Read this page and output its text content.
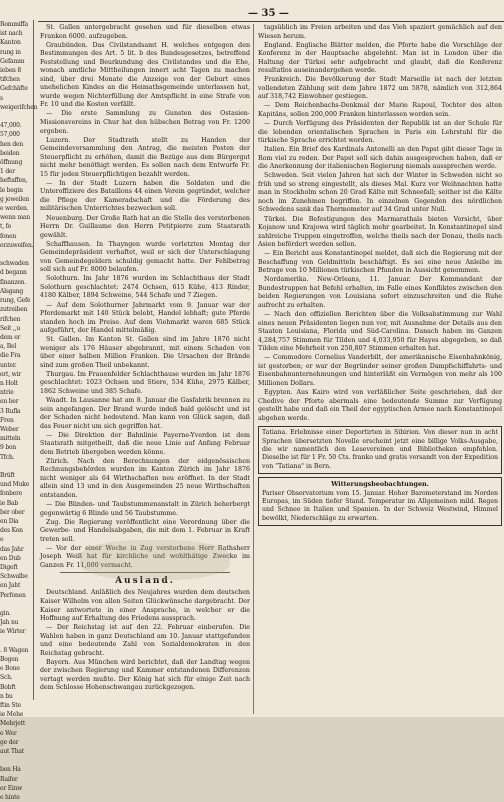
Rommiffa
ist nach
Kanton
rung in
Gefamm
ieben 8
tifchen
Gefchäfte
s
weigerifchen

47,000.
57,000
hen den
beiden
öffnung
1 der
heftaffen,
le begin
g jeweilen
e werden.
wenn man
t, fo
fonen
erzuweifen.

schwaden
d begann
finanzen.
Alsgang
rung, Gefe
zutreiben
rifchen
Seit ,,u
dem er
a, Bel
die Fra
unter.
ert, wir
n Holt
ntrie
en ber
3 Rufla
Fren
Weber
mitteln
9 bon
Tfch.

Brüft
und Muke
fonbere
ie Bab
ber ober
en Dia
des Kon
e
das Jahr
en Dub
Digeft
Schwalbe
en Jaht
Perfonen

gin.
Jah nu
ie Wirter

. 8 Wagen
Bogen
e Bone
Sch.
Bobft
n bu
ftin Ste
ie Mehe
Mehrjett
e Wer
ge der
aut That

ben Ha
Raifer
er Einw
e hinte
— 35 —
St. Gallen untergebracht gesehen und für dieselben etwas Franken 6000. aufzugeben.
Graubünden. Das Civilstandsamt H. welches entgegen den Bestimmungen des Art. 5 lit. b des Bundesgesetzes, betreffend Feststellung und Beurkundung des Civilstandes und die Ehe, wonach amtliche Mittheilungen innert acht Tagen zu machen sind, über drei Monate die Anzeige von der Geburt eines unehelichen Kindes an die Heimathsgemeinde unterlassen hat, wurde wegen Nichterfüllung der Amtspflicht in eine Strafe von Fr. 10 und die Kosten verfällt.
— Die erste Sammlung zu Gunsten des Ostasien-Missionsvereins in Chur hat den hübschen Betrag von Fr. 1200 ergeben.
Luzern. Der Stadtrath stellt zu Handen der Gemeindeversammlung den Antrag, die meisten Posten der Steuerpflicht zu erhöhen, damit die Bezüge aus dem Bürgergut nicht mehr benöthigt werden. Es sollen nach dem Entwurfe Fr. 15 für jeden Steuerpflichtigen bezahlt werden.
— In der Stadt Luzern haben die Soldaten und die Unteroffiziere des Bataillons 44 einen Verein gegründet, welcher die Pflege der Kameradschaft und die Förderung des militärischen Unterrichtes bezwecken soll.
Neuenburg. Der Große Rath hat an die Stelle des verstorbenen Herrn Dr. Guillaume den Herrn Petitpierre zum Staatsrath gewählt.
Schaffhausen. In Thayngen wurde vorletzten Montag der Gemeindepräsident verhaftet, weil er sich der Unterschlagung von Gemeindegeldern schuldig gemacht hatte. Der Fehlbetrag soll sich auf Fr. 8000 belaufen.
Solothurn. Im Jahr 1876 wurden im Schlachthaus der Stadt Solothurn geschlachtet: 2474 Ochsen, 615 Kühe, 413 Rinder, 4180 Kälber, 1894 Schweine, 544 Schafe und 7 Ziegen.
— Auf dem Solothurner Jahrmarkt vom 9. Januar war der Pferdemarkt mit 140 Stück belebt, Handel lebhaft; gute Pferde standen hoch im Preise. Auf dem Viehmarkt waren 685 Stück aufgeführt, der Handel mittelmäßig.
St. Gallen. Im Kanton St. Gallen sind im Jahre 1876 nicht weniger als 176 Häuser abgebrannt, mit einem Schaden von über einer halben Million Franken. Die Ursachen der Brände sind zum großen Theil unbekannt.
Thurgau. Im Frauenfelder Schlachthause wurden im Jahr 1876 geschlachtet: 1023 Ochsen und Stiere, 534 Kühe, 2975 Kälber, 1862 Schweine und 385 Schafe.
Waadt. In Lausanne hat am 8. Januar die Gasfabrik brennen zu sein angefangen. Der Brand wurde indeß bald gelöscht und ist der Schaden nicht bedeutend. Man kann von Glück sagen, daß das Feuer nicht um sich gegriffen hat.
— Die Direktion der Bahnlinie Payerne-Yverdon ist dem Staatsrath mitgetheilt, daß die neue Linie auf Anfang Februar dem Betrieb übergeben werden könne.
Zürich. Nach den Berechnungen der eidgenössischen Rechnungsbehörden wurden im Kanton Zürich im Jahr 1876 nicht weniger als 64 Wirthschaften neu eröffnet. In der Stadt allein sind 13 und in den Ausgemeinden 25 neue Wirthschaften entstanden.
— Die Blinden- und Taubstummenanstalt in Zürich beherbergt gegenwärtig 6 Blinde und 56 Taubstumme.
Zug. Die Regierung veröffentlicht eine Verordnung über die Gewerbe- und Handelsabgaben, die mit dem 1. Februar in Kraft treten soll.
— Vor der einer Woche in Zug verstorbene Herr Rathsherr Joseph Weiß hat für kirchliche und wohlthätige Zwecke im Ganzen Fr. 11,000 vermacht.
Ausland.
Deutschland. Anläßlich des Neujahres wurden dem deutschen Kaiser Wilhelm von allen Seiten Glückwünsche dargebracht. Der Kaiser antwortete in einer Ansprache, in welcher er die Hoffnung auf Erhaltung des Friedens aussprach.
— Der Reichstag ist auf den 22. Februar einberufen. Die Wahlen haben in ganz Deutschland am 10. Januar stattgefunden und eine bedeutende Zahl von Sozialdemokraten in den Reichstag gebracht.
Bayern. Aus München wird berichtet, daß der Landtag wegen der zwischen Regierung und Kammer entstandenen Differenzen vertagt werden mußte. Der König hat sich für einige Zeit nach dem Schlosse Hohenschwangau zurückgezogen.
tagsüblich im Freien arbeiten und das Vieh spaziert gemächlich auf den Wiesen herum.
England. Englische Blätter melden, die Pforte habe die Vorschläge der Konferenz in der Hauptsache abgelehnt. Man ist in London über die Haltung der Türkei sehr aufgebracht und glaubt, daß die Konferenz resultatlos auseinandergehen werde.
Frankreich. Die Bevölkerung der Stadt Marseille ist nach der letzten vollendeten Zählung seit dem Jahre 1872 um 5878, nämlich von 312,864 auf 318,742 Einwohner gestiegen.
— Dem Reichenbachs-Denkmal der Marie Rapoul, Tochter des alten Kapitäns, sollen 200,000 Franken hinterlassen worden sein.
— Durch Verfügung des Präsidenten der Republik ist an der Schule für die lebenden orientalischen Sprachen in Paris ein Lehrstuhl für die türkische Sprache errichtet worden.
Italien. Ein Brief des Kardinals Antonelli an den Papst gibt dieser Tage in Rom viel zu reden. Der Papst soll sich dahin ausgesprochen haben, daß er die Anerkennung der italienischen Regierung niemals aussprechen werde.
Schweden. Seit vielen Jahren hat sich der Winter in Schweden nicht so früh und so streng eingestellt, als dieses Mal. Kurz vor Weihnachten hatte man in Stockholm schon 20 Grad Kälte mit Schneefall; seither ist die Kälte noch im Zunehmen begriffen. In einzelnen Gegenden des nördlichen Schwedens sank das Thermometer auf 34 Grad unter Null.
Türkei. Die Befestigungen des Marmarathals bieten Vorsicht, über Kojanow und Krajowa wird täglich mehr gearbeitet. In Konstantinopel sind zahlreiche Truppen eingetroffen, welche theils nach der Donau, theils nach Asien befördert werden sollen.
— Ein Bericht aus Konstantinopel meldet, daß sich die Regierung mit der Beschaffung von Geldmitteln beschäftigt. Es sei eine neue Anleihe im Betrage von 10 Millionen türkischen Pfunden in Aussicht genommen.
Nordamerika. New-Orleans, 11. Januar. Der Kommandant der Bundestruppen hat Befehl erhalten, im Falle eines Konfliktes zwischen den beiden Regierungen von Louisiana sofort einzuschreiten und die Ruhe aufrecht zu erhalten.
— Nach den offiziellen Berichten über die Volksabstimmung zur Wahl eines neuen Präsidenten liegen nun vor, mit Ausnahme der Details aus den Staaten Louisiana, Florida und Süd-Carolina. Danach haben im Ganzen 4,284,757 Stimmen für Tilden und 4,033,950 für Hayes abgegeben, so daß Tilden eine Mehrheit von 250,807 Stimmen erhalten hat.
— Commodore Cornelius Vanderbilt, der amerikanische Eisenbahnkönig, ist gestorben; er war der Begründer seiner großen Dampfschiffahrts- und Eisenbahnunternehmungen und hinterläßt ein Vermögen von mehr als 100 Millionen Dollars.
Egypten. Aus Kairo wird von verläßlicher Seite geschrieben, daß der Chedive der Pforte abermals eine bedeutende Summe zur Verfügung gestellt habe und daß ein Theil der egyptischen Armee nach Konstantinopel abgehen werde.
Tatiana. Erlebnisse einer Deportirten in Sibirien. Von dieser nun in acht Sprachen übersetzten Novelle erscheint jetzt eine billige Volks-Ausgabe, die wir namentlich den Lesevereinen und Bibliotheken empfehlen. Dieselbe ist für 1 Fr. 50 Cts. franko und gratis versandt von der Expedition von "Tatiana" in Bern.
Witterungsbeobachtungen.
Pariser Observatorium vom 15. Januar. Hoher Barometerstand im Norden Europas, im Süden tiefer Stand. Temperatur im Allgemeinen mild. Regen und Schnee in Italien und Spanien. In der Schweiz Westwind, Himmel bewölkt, Niederschläge zu erwarten.
